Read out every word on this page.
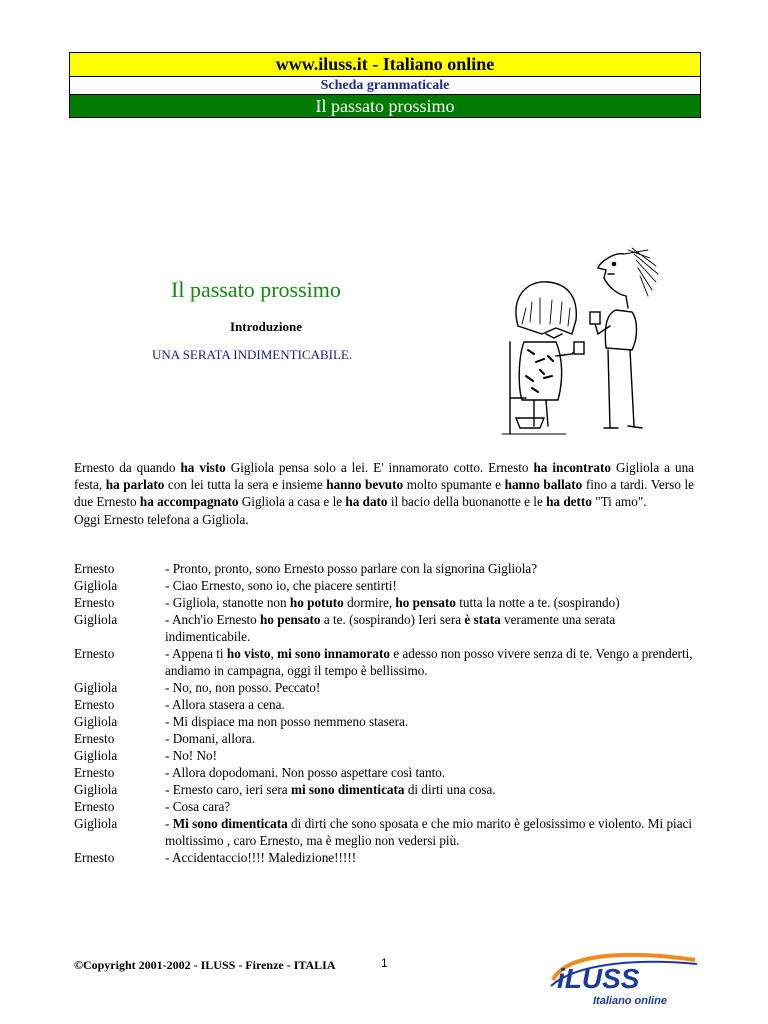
www.iluss.it - Italiano online
Scheda grammaticale
Il passato prossimo
Il passato prossimo
Introduzione
UNA SERATA INDIMENTICABILE.

Ernesto da quando ha visto Gigliola pensa solo a lei. E' innamorato cotto. Ernesto ha incontrato Gigliola a una festa, ha parlato con lei tutta la sera e insieme hanno bevuto molto spumante e hanno ballato fino a tardi. Verso le due Ernesto ha accompagnato Gigliola a casa e le ha dato il bacio della buonanotte e le ha detto "Ti amo".

Oggi Ernesto telefona a Gigliola.

Ernesto	- Pronto, pronto, sono Ernesto posso parlare con la signorina Gigliola?
Gigliola	- Ciao Ernesto, sono io, che piacere sentirti!
Ernesto	- Gigliola, stanotte non ho potuto dormire, ho pensato tutta la notte a te. (sospirando)
Gigliola	- Anch'io Ernesto ho pensato a te. (sospirando) Ieri sera è stata veramente una serata indimenticabile.
Ernesto	- Appena ti ho visto, mi sono innamorato e adesso non posso vivere senza di te. Vengo a prenderti, andiamo in campagna, oggi il tempo è bellissimo.
Gigliola	- No, no, non posso. Peccato!
Ernesto	- Allora stasera a cena.
Gigliola	- Mi dispiace ma non posso nemmeno stasera.
Ernesto	- Domani, allora.
Gigliola	- No! No!
Ernesto	- Allora dopodomani. Non posso aspettare così tanto.
Gigliola	- Ernesto caro, ieri sera mi sono dimenticata di dirti una cosa.
Ernesto	- Cosa cara?
Gigliola	- Mi sono dimenticata di dirti che sono sposata e che mio marito è gelosissimo e violento. Mi piaci moltissimo , caro Ernesto, ma è meglio non vedersi più.
Ernesto	- Accidentaccio!!!! Maledizione!!!!!
©Copyright 2001-2002 - ILUSS - Firenze - ITALIA	1	iLUSS
Italiano online
